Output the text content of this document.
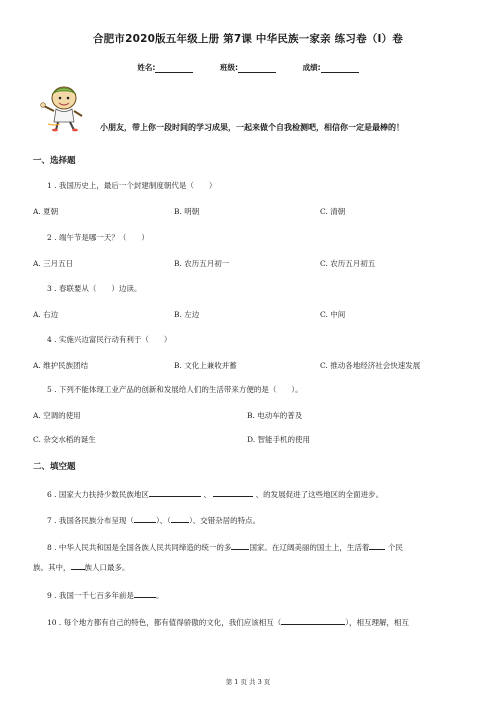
合肥市2020版五年级上册 第7课 中华民族一家亲 练习卷（I）卷
姓名:	班级:	成绩:
小朋友，带上你一段时间的学习成果，一起来做个自我检测吧，相信你一定是最棒的！
一、选择题
1 . 我国历史上，最后一个封建制度朝代是（　　）
A. 夏朝	B. 明朝	C. 清朝
2 . 端午节是哪一天？（　　）
A. 三月五日	B. 农历五月初一	C. 农历五月初五
3 . 春联要从（　　）边读。
A. 右边	B. 左边	C. 中间
4 . 实施兴边富民行动有利于（　　）
A. 维护民族团结	B. 文化上兼收并蓄	C. 推动各地经济社会快速发展
5 . 下列不能体现工业产品的创新和发展给人们的生活带来方便的是（　　）。
A. 空调的使用	B. 电动车的普及
C. 杂交水稻的诞生	D. 智能手机的使用
二、填空题
6 . 国家大力扶持少数民族地区	、	、的发展促进了这些地区的全面进步。
7 . 我国各民族分布呈现（	）、（ ）、交错杂居的特点。
8 . 中华人民共和国是全国各族人民共同缔造的统一的多 国家。在辽阔美丽的国土上，生活着 个民
族。其中， 族人口最多。
9 . 我国一千七百多年前是	。
10 . 每个地方都有自己的特色，都有值得骄傲的文化，我们应该相互（	），相互理解，相互
第 1 页 共 3 页
